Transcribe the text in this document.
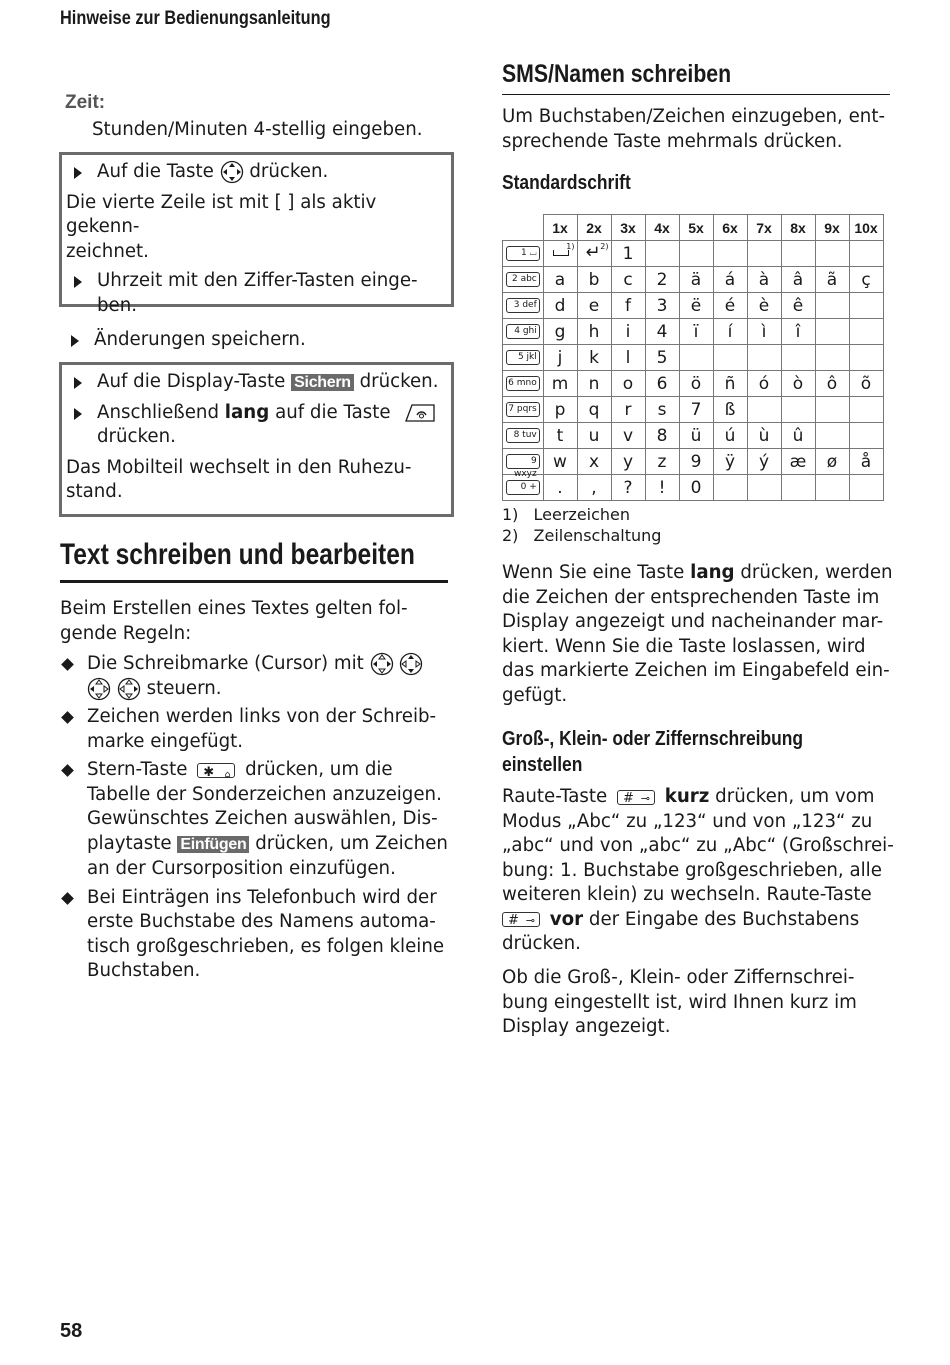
Hinweise zur Bedienungsanleitung
Zeit:
Stunden/Minuten 4-stellig eingeben.
Auf die Taste drücken.
Die vierte Zeile ist mit [ ] als aktiv gekenn-
zeichnet.
Uhrzeit mit den Ziffer-Tasten einge-
ben.
Änderungen speichern.
Auf die Display-Taste Sichern drücken.
Anschließend lang auf die Taste
drücken.
Das Mobilteil wechselt in den Ruhezu-
stand.
Text schreiben und bearbeiten
Beim Erstellen eines Textes gelten fol-
gende Regeln:
Die Schreibmarke (Cursor) mit
steuern.
Zeichen werden links von der Schreib-
marke eingefügt.
Stern-Taste ✱ ⌂ drücken, um die
Tabelle der Sonderzeichen anzuzeigen.
Gewünschtes Zeichen auswählen, Dis-
playtaste Einfügen drücken, um Zeichen
an der Cursorposition einzufügen.
Bei Einträgen ins Telefonbuch wird der
erste Buchstabe des Namens automa-
tisch großgeschrieben, es folgen kleine
Buchstaben.
SMS/Namen schreiben
Um Buchstaben/Zeichen einzugeben, ent-
sprechende Taste mehrmals drücken.
Standardschrift
	1x	2x	3x	4x	5x	6x	7x	8x	9x	10x
1 ⌴	1)	↵ 2)	1							
2 abc	a	b	c	2	ä	á	à	â	ã	ç
3 def	d	e	f	3	ë	é	è	ê		
4 ghi	g	h	i	4	ï	í	ì	î		
5 jkl	j	k	l	5						
6 mno	m	n	o	6	ö	ñ	ó	ò	ô	õ
7 pqrs	p	q	r	s	7	ß				
8 tuv	t	u	v	8	ü	ú	ù	û		
9 wxyz	w	x	y	z	9	ÿ	ý	æ	ø	å
0 +	.	,	?	!	0					
1) Leerzeichen
2) Zeilenschaltung
Wenn Sie eine Taste lang drücken, werden
die Zeichen der entsprechenden Taste im
Display angezeigt und nacheinander mar-
kiert. Wenn Sie die Taste loslassen, wird
das markierte Zeichen im Eingabefeld ein-
gefügt.
Groß-, Klein- oder Ziffernschreibung
einstellen
Raute-Taste # ⊸ kurz drücken, um vom
Modus „Abc“ zu „123“ und von „123“ zu
„abc“ und von „abc“ zu „Abc“ (Großschrei-
bung: 1. Buchstabe großgeschrieben, alle
weiteren klein) zu wechseln. Raute-Taste

# ⊸ vor der Eingabe des Buchstabens
drücken.
Ob die Groß-, Klein- oder Ziffernschrei-
bung eingestellt ist, wird Ihnen kurz im
Display angezeigt.
58
